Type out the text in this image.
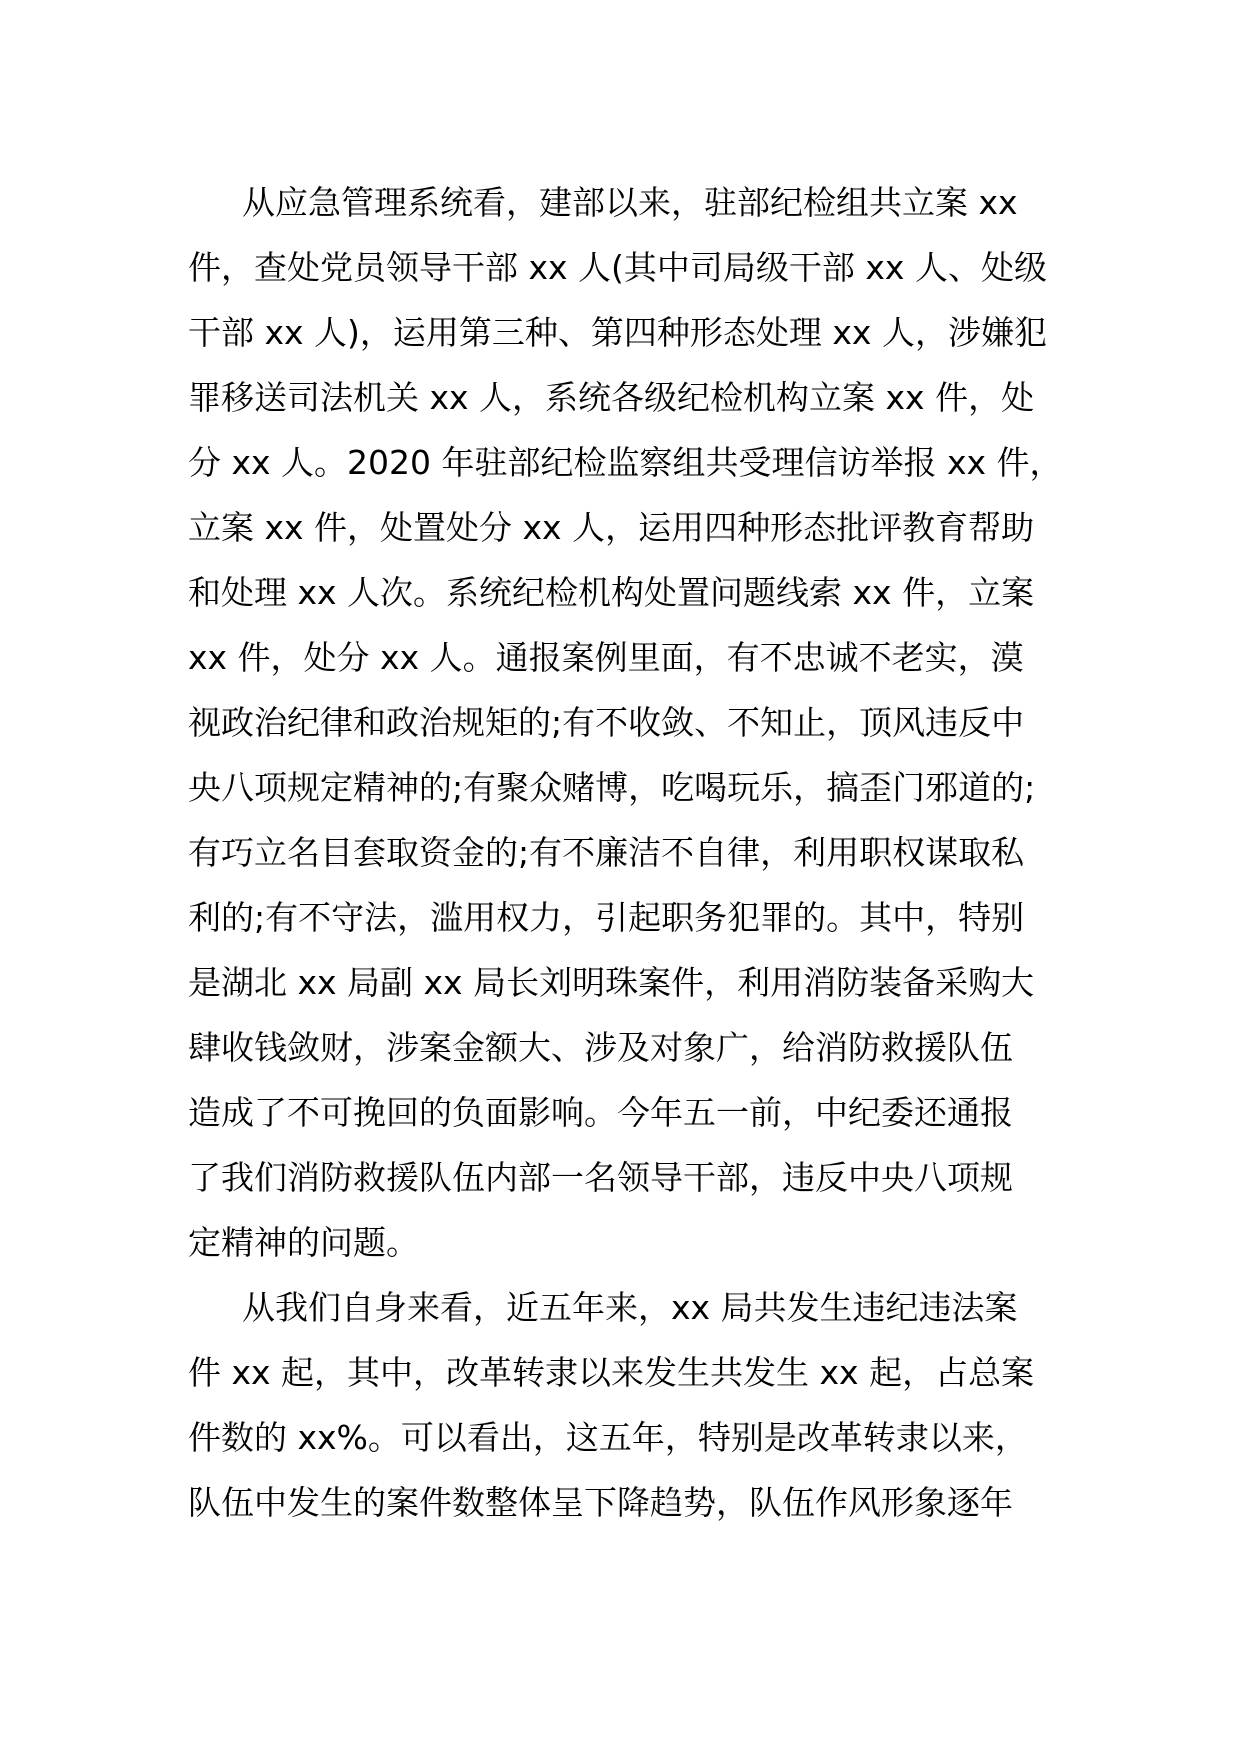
从应急管理系统看，建部以来，驻部纪检组共立案 xx
件，查处党员领导干部 xx 人(其中司局级干部 xx 人、处级
干部 xx 人)，运用第三种、第四种形态处理 xx 人，涉嫌犯
罪移送司法机关 xx 人，系统各级纪检机构立案 xx 件，处
分 xx 人。2020 年驻部纪检监察组共受理信访举报 xx 件，
立案 xx 件，处置处分 xx 人，运用四种形态批评教育帮助
和处理 xx 人次。系统纪检机构处置问题线索 xx 件，立案
xx 件，处分 xx 人。通报案例里面，有不忠诚不老实，漠
视政治纪律和政治规矩的;有不收敛、不知止，顶风违反中
央八项规定精神的;有聚众赌博，吃喝玩乐，搞歪门邪道的;
有巧立名目套取资金的;有不廉洁不自律，利用职权谋取私
利的;有不守法，滥用权力，引起职务犯罪的。其中，特别
是湖北 xx 局副 xx 局长刘明珠案件，利用消防装备采购大
肆收钱敛财，涉案金额大、涉及对象广，给消防救援队伍
造成了不可挽回的负面影响。今年五一前，中纪委还通报
了我们消防救援队伍内部一名领导干部，违反中央八项规
定精神的问题。

从我们自身来看，近五年来，xx 局共发生违纪违法案
件 xx 起，其中，改革转隶以来发生共发生 xx 起，占总案
件数的 xx%。可以看出，这五年，特别是改革转隶以来，
队伍中发生的案件数整体呈下降趋势，队伍作风形象逐年
